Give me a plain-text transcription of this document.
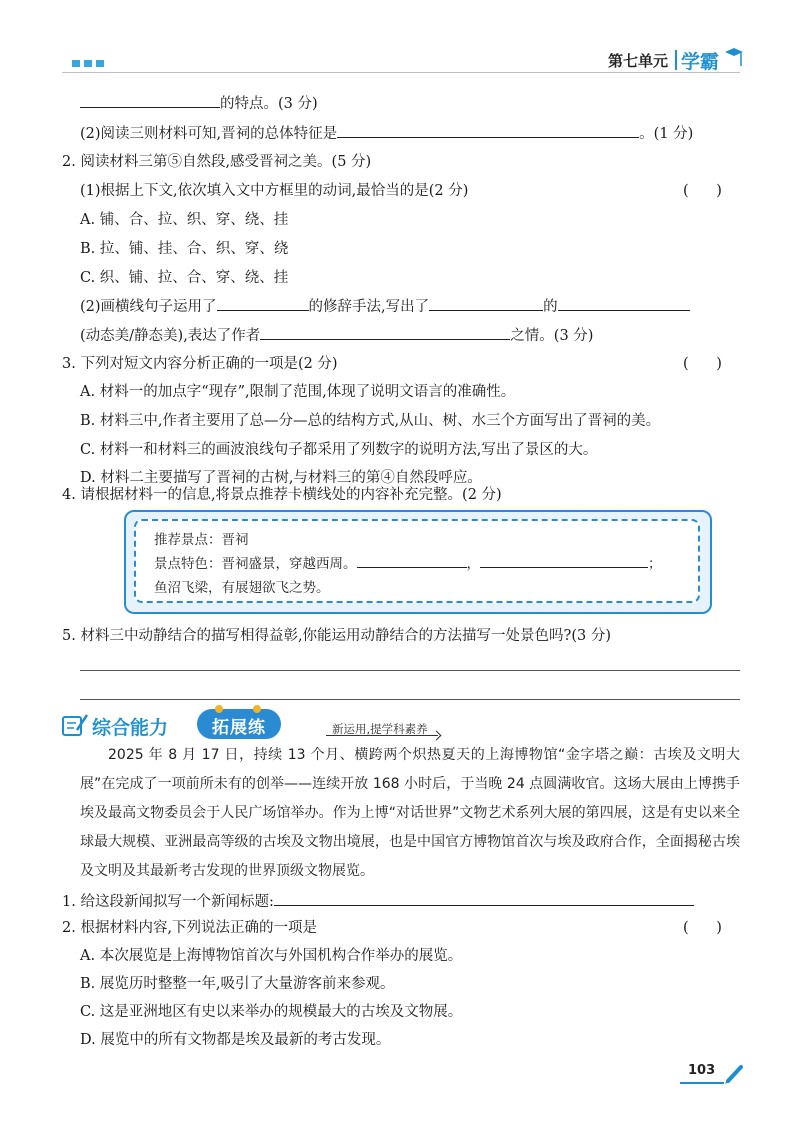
第七单元 学霸
的特点。(3 分)
(2)阅读三则材料可知,晋祠的总体特征是	。(1 分)
2. 阅读材料三第⑤自然段,感受晋祠之美。(5 分)
(1)根据上下文,依次填入文中方框里的动词,最恰当的是(2 分)	(      )
A. 铺、合、拉、织、穿、绕、挂
B. 拉、铺、挂、合、织、穿、绕
C. 织、铺、拉、合、穿、绕、挂
(2)画横线句子运用了	的修辞手法,写出了	的
(动态美/静态美),表达了作者	之情。(3 分)
3. 下列对短文内容分析正确的一项是(2 分)	(      )
A. 材料一的加点字“现存”,限制了范围,体现了说明文语言的准确性。
B. 材料三中,作者主要用了总—分—总的结构方式,从山、树、水三个方面写出了晋祠的美。
C. 材料一和材料三的画波浪线句子都采用了列数字的说明方法,写出了景区的大。
D. 材料二主要描写了晋祠的古树,与材料三的第④自然段呼应。
4. 请根据材料一的信息,将景点推荐卡横线处的内容补充完整。(2 分)
推荐景点：晋祠
景点特色：晋祠盛景，穿越西周。	，	；
鱼沼飞梁，有展翅欲飞之势。
5. 材料三中动静结合的描写相得益彰,你能运用动静结合的方法描写一处景色吗?(3 分)
综合能力	拓展练	新运用,提学科素养
2025 年 8 月 17 日，持续 13 个月、横跨两个炽热夏天的上海博物馆“金字塔之巅：古埃及文明大展”在完成了一项前所未有的创举——连续开放 168 小时后，于当晚 24 点圆满收官。这场大展由上博携手埃及最高文物委员会于人民广场馆举办。作为上博“对话世界”文物艺术系列大展的第四展，这是有史以来全球最大规模、亚洲最高等级的古埃及文物出境展，也是中国官方博物馆首次与埃及政府合作，全面揭秘古埃及文明及其最新考古发现的世界顶级文物展览。
1. 给这段新闻拟写一个新闻标题:
2. 根据材料内容,下列说法正确的一项是	(      )
A. 本次展览是上海博物馆首次与外国机构合作举办的展览。
B. 展览历时整整一年,吸引了大量游客前来参观。
C. 这是亚洲地区有史以来举办的规模最大的古埃及文物展。
D. 展览中的所有文物都是埃及最新的考古发现。
103
